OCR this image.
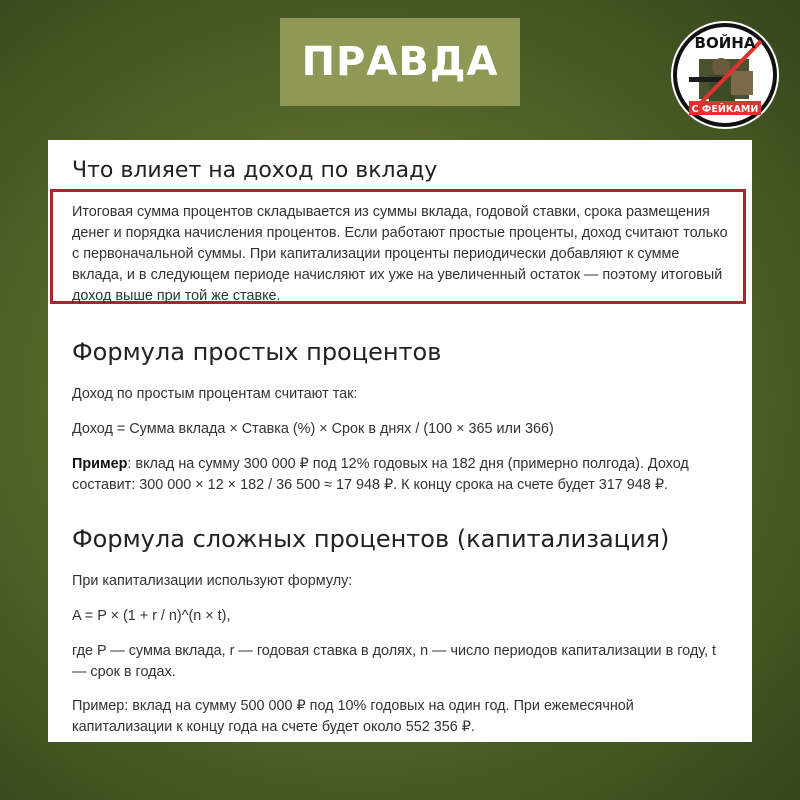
ПРАВДА	ВОЙНА
С ФЕЙКАМИ
Что влияет на доход по вкладу

Итоговая сумма процентов складывается из суммы вклада, годовой ставки, срока размещения денег и порядка начисления процентов. Если работают простые проценты, доход считают только с первоначальной суммы. При капитализации проценты периодически добавляют к сумме вклада, и в следующем периоде начисляют их уже на увеличенный остаток — поэтому итоговый доход выше при той же ставке.

Формула простых процентов

Доход по простым процентам считают так:

Доход = Сумма вклада × Ставка (%) × Срок в днях / (100 × 365 или 366)

Пример: вклад на сумму 300 000 ₽ под 12% годовых на 182 дня (примерно полгода). Доход составит: 300 000 × 12 × 182 / 36 500 ≈ 17 948 ₽. К концу срока на счете будет 317 948 ₽.

Формула сложных процентов (капитализация)

При капитализации используют формулу:

A = P × (1 + r / n)^(n × t),

где P — сумма вклада, r — годовая ставка в долях, n — число периодов капитализации в году, t — срок в годах.

Пример: вклад на сумму 500 000 ₽ под 10% годовых на один год. При ежемесячной капитализации к концу года на счете будет около 552 356 ₽.
